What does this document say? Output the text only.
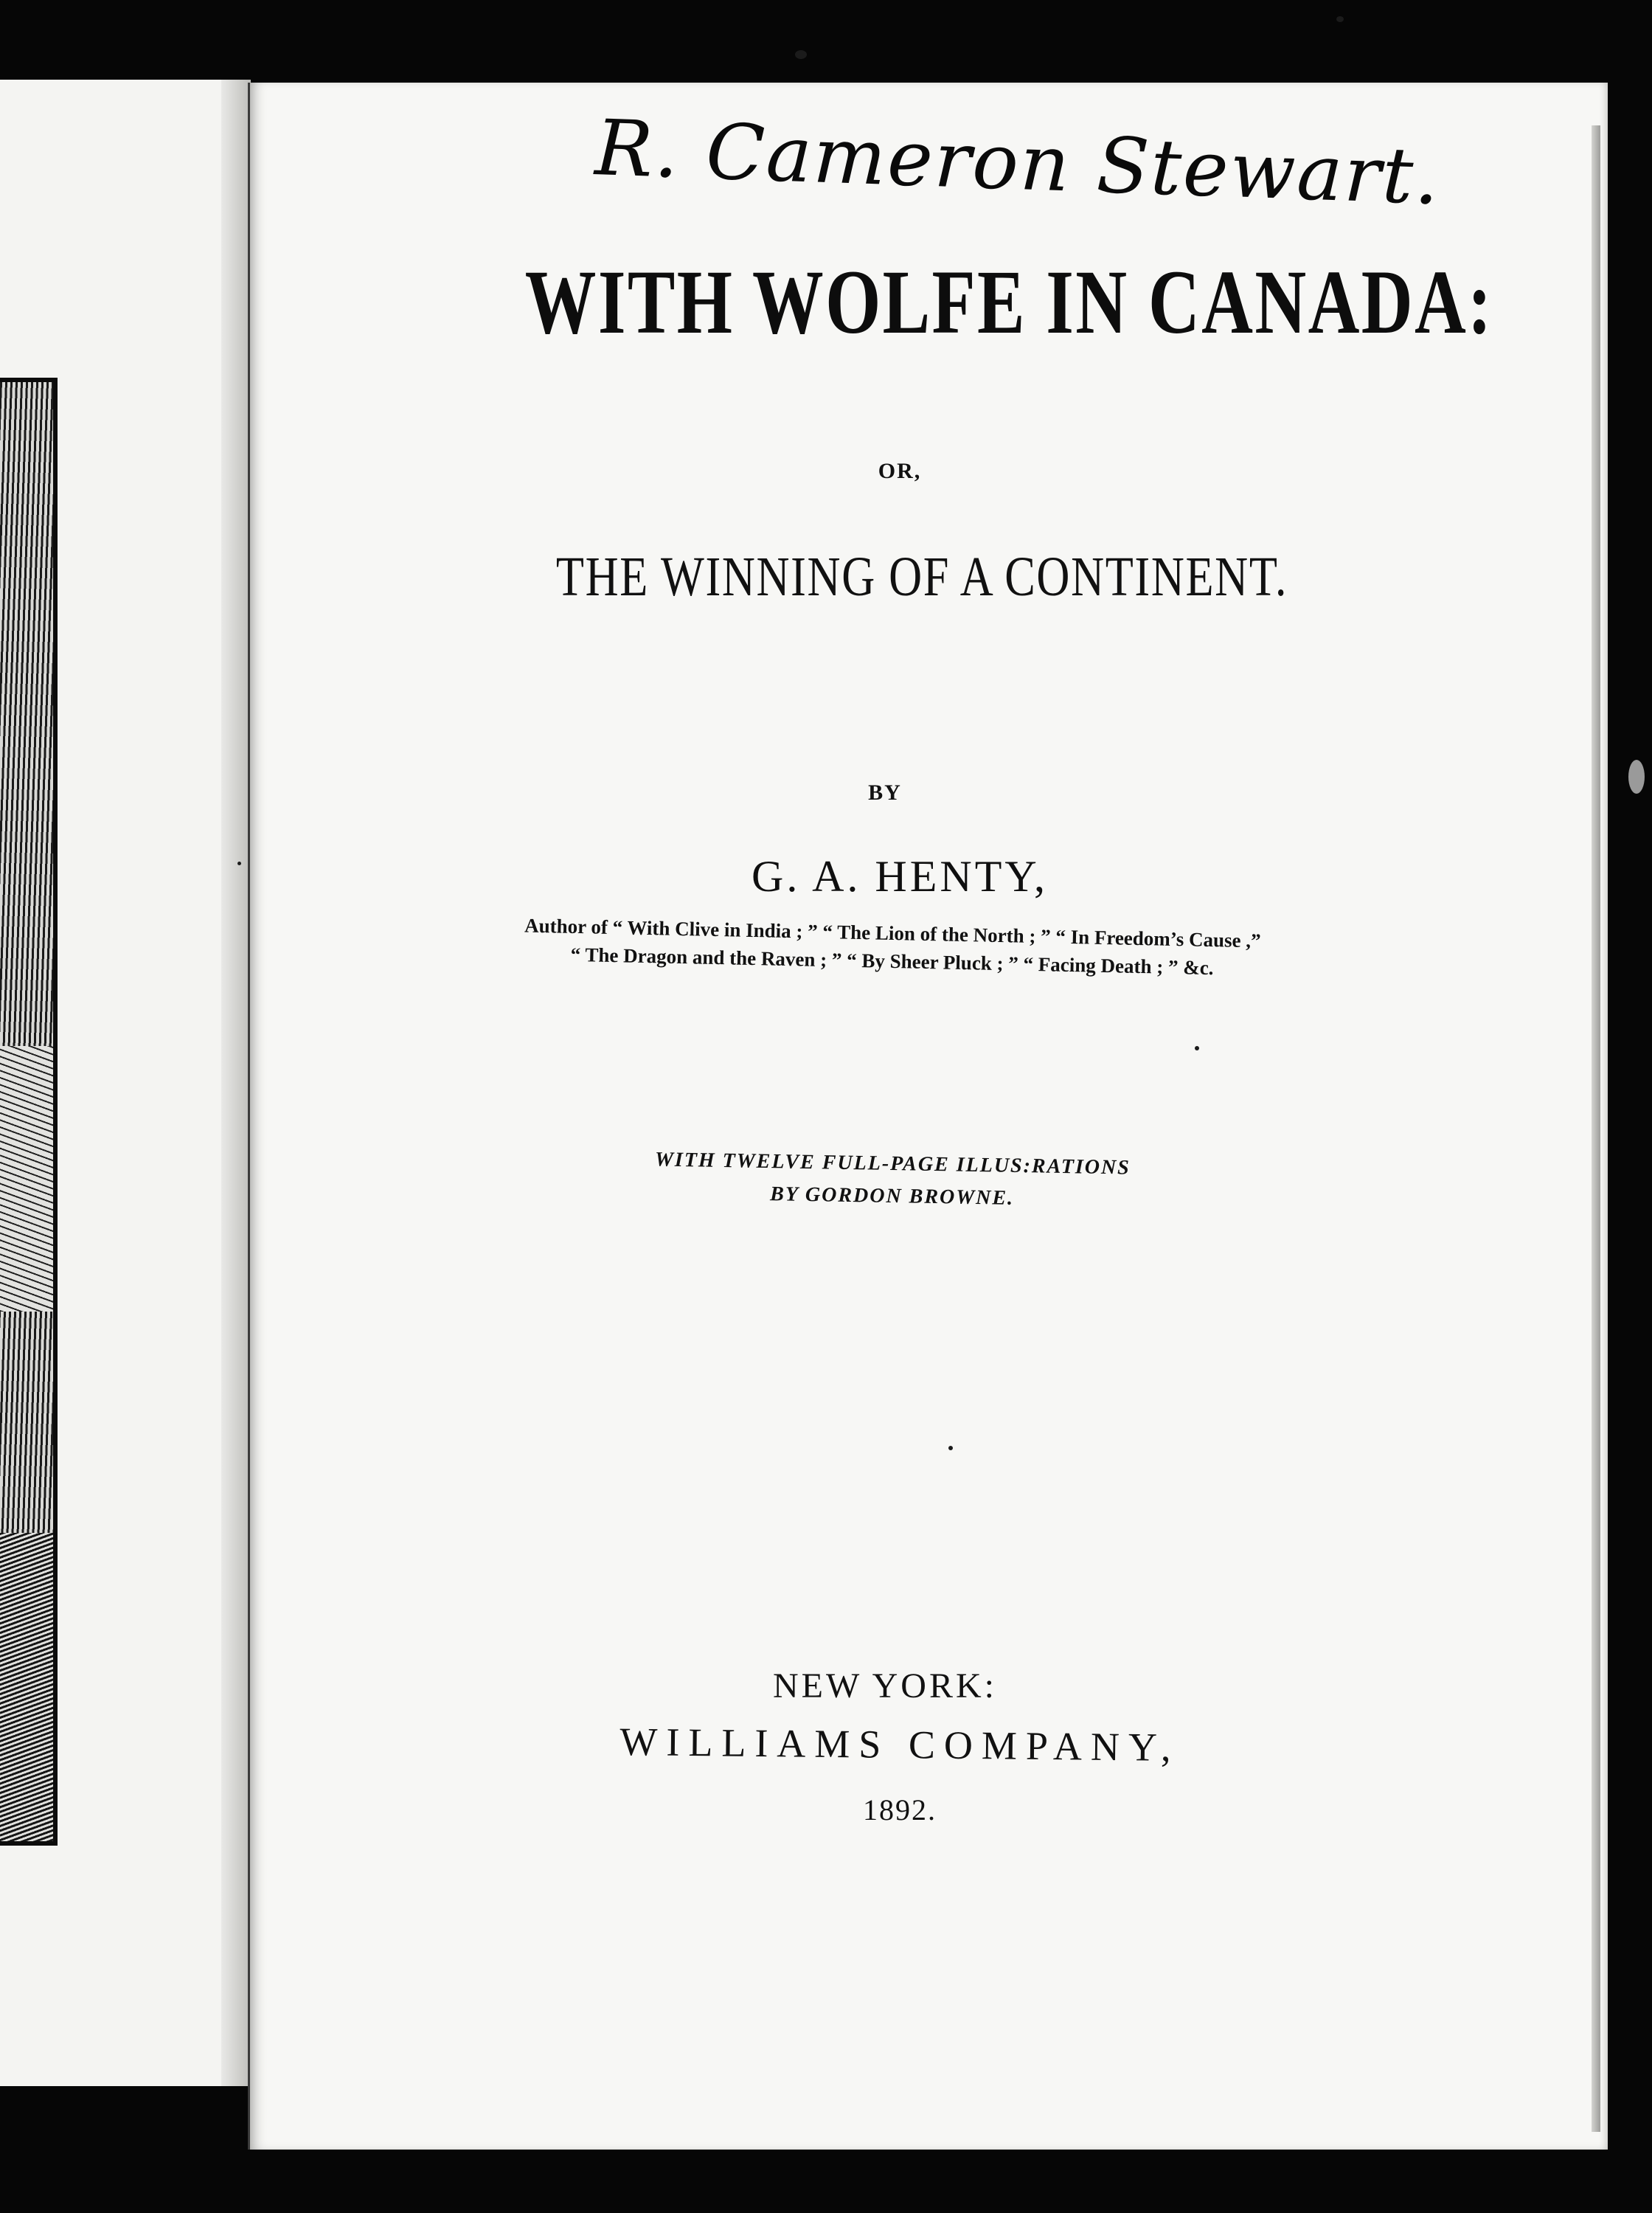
R. Cameron Stewart.
WITH WOLFE IN CANADA:
OR,
THE WINNING OF A CONTINENT.
BY
G. A. HENTY,
Author of “ With Clive in India ; ” “ The Lion of the North ; ” “ In Freedom’s Cause ,”
“ The Dragon and the Raven ; ” “ By Sheer Pluck ; ” “ Facing Death ; ” &c.
WITH TWELVE FULL-PAGE ILLUS:RATIONS
BY GORDON BROWNE.
NEW YORK:
WILLIAMS COMPANY,
1892.
